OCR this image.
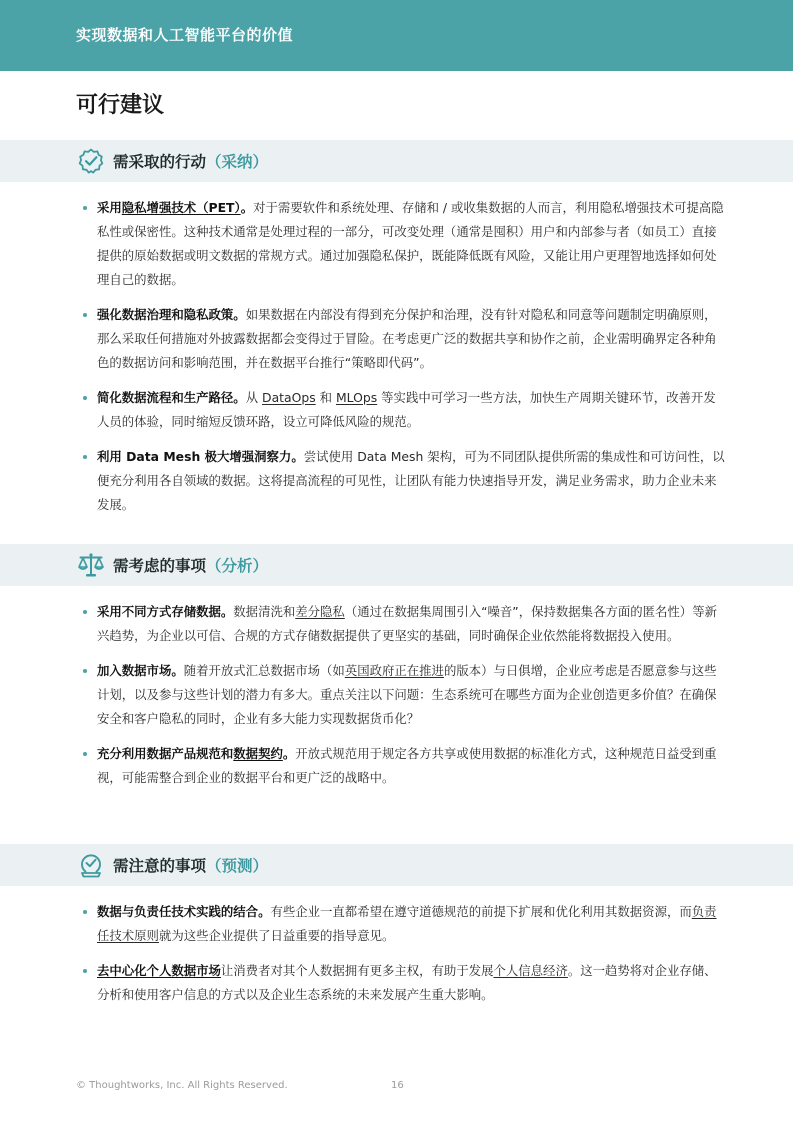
实现数据和人工智能平台的价值
可行建议
需采取的行动（采纳）
采用隐私增强技术（PET）。对于需要软件和系统处理、存储和 / 或收集数据的人而言，利用隐私增强技术可提高隐私性或保密性。这种技术通常是处理过程的一部分，可改变处理（通常是囤积）用户和内部参与者（如员工）直接提供的原始数据或明文数据的常规方式。通过加强隐私保护，既能降低既有风险，又能让用户更理智地选择如何处理自己的数据。
强化数据治理和隐私政策。如果数据在内部没有得到充分保护和治理，没有针对隐私和同意等问题制定明确原则，那么采取任何措施对外披露数据都会变得过于冒险。在考虑更广泛的数据共享和协作之前，企业需明确界定各种角色的数据访问和影响范围，并在数据平台推行“策略即代码”。
简化数据流程和生产路径。从 DataOps 和 MLOps 等实践中可学习一些方法，加快生产周期关键环节，改善开发人员的体验，同时缩短反馈环路，设立可降低风险的规范。
利用 Data Mesh 极大增强洞察力。尝试使用 Data Mesh 架构，可为不同团队提供所需的集成性和可访问性，以便充分利用各自领域的数据。这将提高流程的可见性，让团队有能力快速指导开发，满足业务需求，助力企业未来发展。
需考虑的事项（分析）
采用不同方式存储数据。数据清洗和差分隐私（通过在数据集周围引入“噪音”，保持数据集各方面的匿名性）等新兴趋势，为企业以可信、合规的方式存储数据提供了更坚实的基础，同时确保企业依然能将数据投入使用。
加入数据市场。随着开放式汇总数据市场（如英国政府正在推进的版本）与日俱增，企业应考虑是否愿意参与这些计划，以及参与这些计划的潜力有多大。重点关注以下问题：生态系统可在哪些方面为企业创造更多价值？在确保安全和客户隐私的同时，企业有多大能力实现数据货币化？
充分利用数据产品规范和数据契约。开放式规范用于规定各方共享或使用数据的标准化方式，这种规范日益受到重视，可能需整合到企业的数据平台和更广泛的战略中。
需注意的事项（预测）
数据与负责任技术实践的结合。有些企业一直都希望在遵守道德规范的前提下扩展和优化利用其数据资源，而负责任技术原则就为这些企业提供了日益重要的指导意见。
去中心化个人数据市场让消费者对其个人数据拥有更多主权，有助于发展个人信息经济。这一趋势将对企业存储、分析和使用客户信息的方式以及企业生态系统的未来发展产生重大影响。
© Thoughtworks, Inc. All Rights Reserved.	16
